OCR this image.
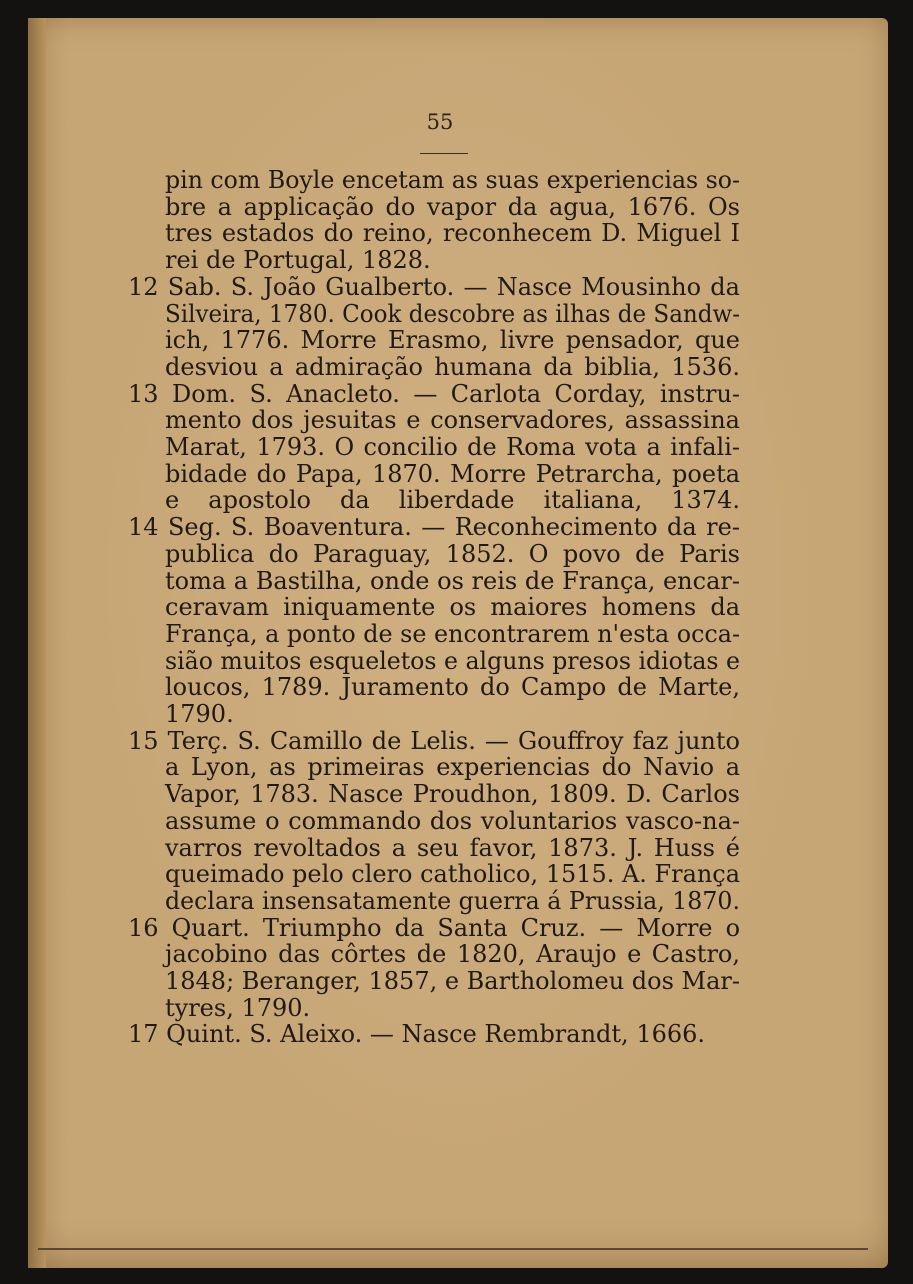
55
pin com Boyle encetam as suas experiencias so-
bre a applicação do vapor da agua, 1676. Os
tres estados do reino, reconhecem D. Miguel I
rei de Portugal, 1828.
12 Sab. S. João Gualberto. — Nasce Mousinho da
Silveira, 1780. Cook descobre as ilhas de Sandw-
ich, 1776. Morre Erasmo, livre pensador, que
desviou a admiração humana da biblia, 1536.
13 Dom. S. Anacleto. — Carlota Corday, instru-
mento dos jesuitas e conservadores, assassina
Marat, 1793. O concilio de Roma vota a infali-
bidade do Papa, 1870. Morre Petrarcha, poeta
e apostolo da liberdade italiana, 1374.
14 Seg. S. Boaventura. — Reconhecimento da re-
publica do Paraguay, 1852. O povo de Paris
toma a Bastilha, onde os reis de França, encar-
ceravam iniquamente os maiores homens da
França, a ponto de se encontrarem n'esta occa-
sião muitos esqueletos e alguns presos idiotas e
loucos, 1789. Juramento do Campo de Marte,
1790.
15 Terç. S. Camillo de Lelis. — Gouffroy faz junto
a Lyon, as primeiras experiencias do Navio a
Vapor, 1783. Nasce Proudhon, 1809. D. Carlos
assume o commando dos voluntarios vasco-na-
varros revoltados a seu favor, 1873. J. Huss é
queimado pelo clero catholico, 1515. A. França
declara insensatamente guerra á Prussia, 1870.
16 Quart. Triumpho da Santa Cruz. — Morre o
jacobino das côrtes de 1820, Araujo e Castro,
1848; Beranger, 1857, e Bartholomeu dos Mar-
tyres, 1790.
17 Quint. S. Aleixo. — Nasce Rembrandt, 1666.
